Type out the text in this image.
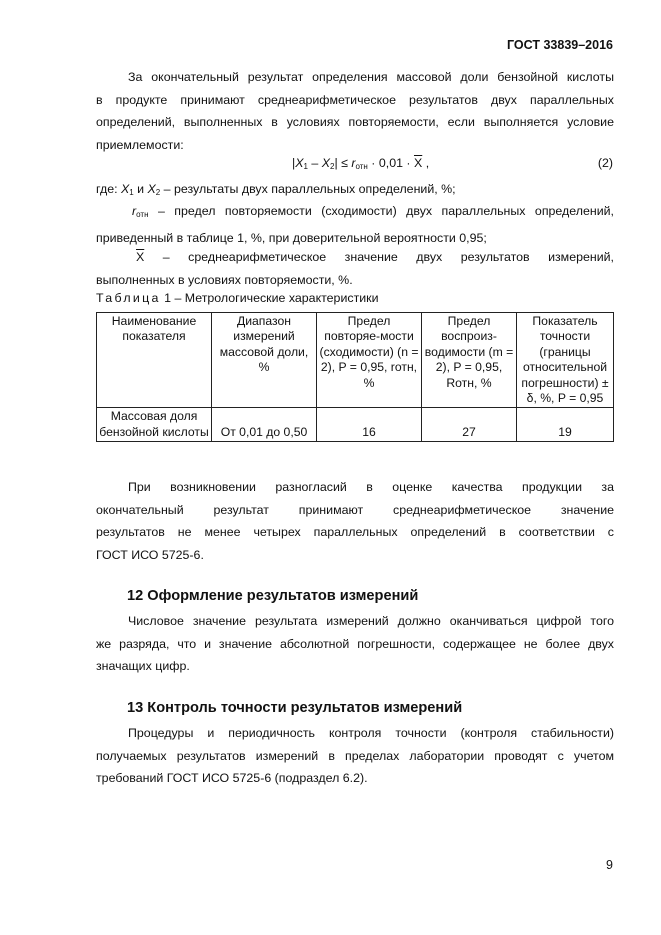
ГОСТ 33839–2016
За окончательный результат определения массовой доли бензойной кислоты
в продукте принимают среднеарифметическое результатов двух параллельных
определений, выполненных в условиях повторяемости, если выполняется условие
приемлемости:
$|X_1 - X_2| \le r_{отн} \cdot 0,01 \cdot \overline{X}$ ,	(2)
где: $X_1$ и $X_2$ – результаты двух параллельных определений, %;
$r_{отн}$ – предел повторяемости (сходимости) двух параллельных определений,
приведенный в таблице 1, %, при доверительной вероятности 0,95;
$\overline{X}$ – среднеарифметическое значение двух результатов измерений,
выполненных в условиях повторяемости, %.
Таблица 1 – Метрологические характеристики
Наименование показателя	Диапазон измерений массовой доли, %	Предел повторяе-мости (сходимости) (n = 2), P = 0,95, rотн, %	Предел воспроиз-водимости (m = 2), P = 0,95, Rотн, %	Показатель точности (границы относительной погрешности) ± δ, %, P = 0,95
Массовая доля бензойной кислоты	От 0,01 до 0,50	16	27	19
При возникновении разногласий в оценке качества продукции за
окончательный результат принимают среднеарифметическое значение
результатов не менее четырех параллельных определений в соответствии с
ГОСТ ИСО 5725-6.
12 Оформление результатов измерений
Числовое значение результата измерений должно оканчиваться цифрой того
же разряда, что и значение абсолютной погрешности, содержащее не более двух
значащих цифр.
13 Контроль точности результатов измерений
Процедуры и периодичность контроля точности (контроля стабильности)
получаемых результатов измерений в пределах лаборатории проводят с учетом
требований ГОСТ ИСО 5725-6 (подраздел 6.2).
9
